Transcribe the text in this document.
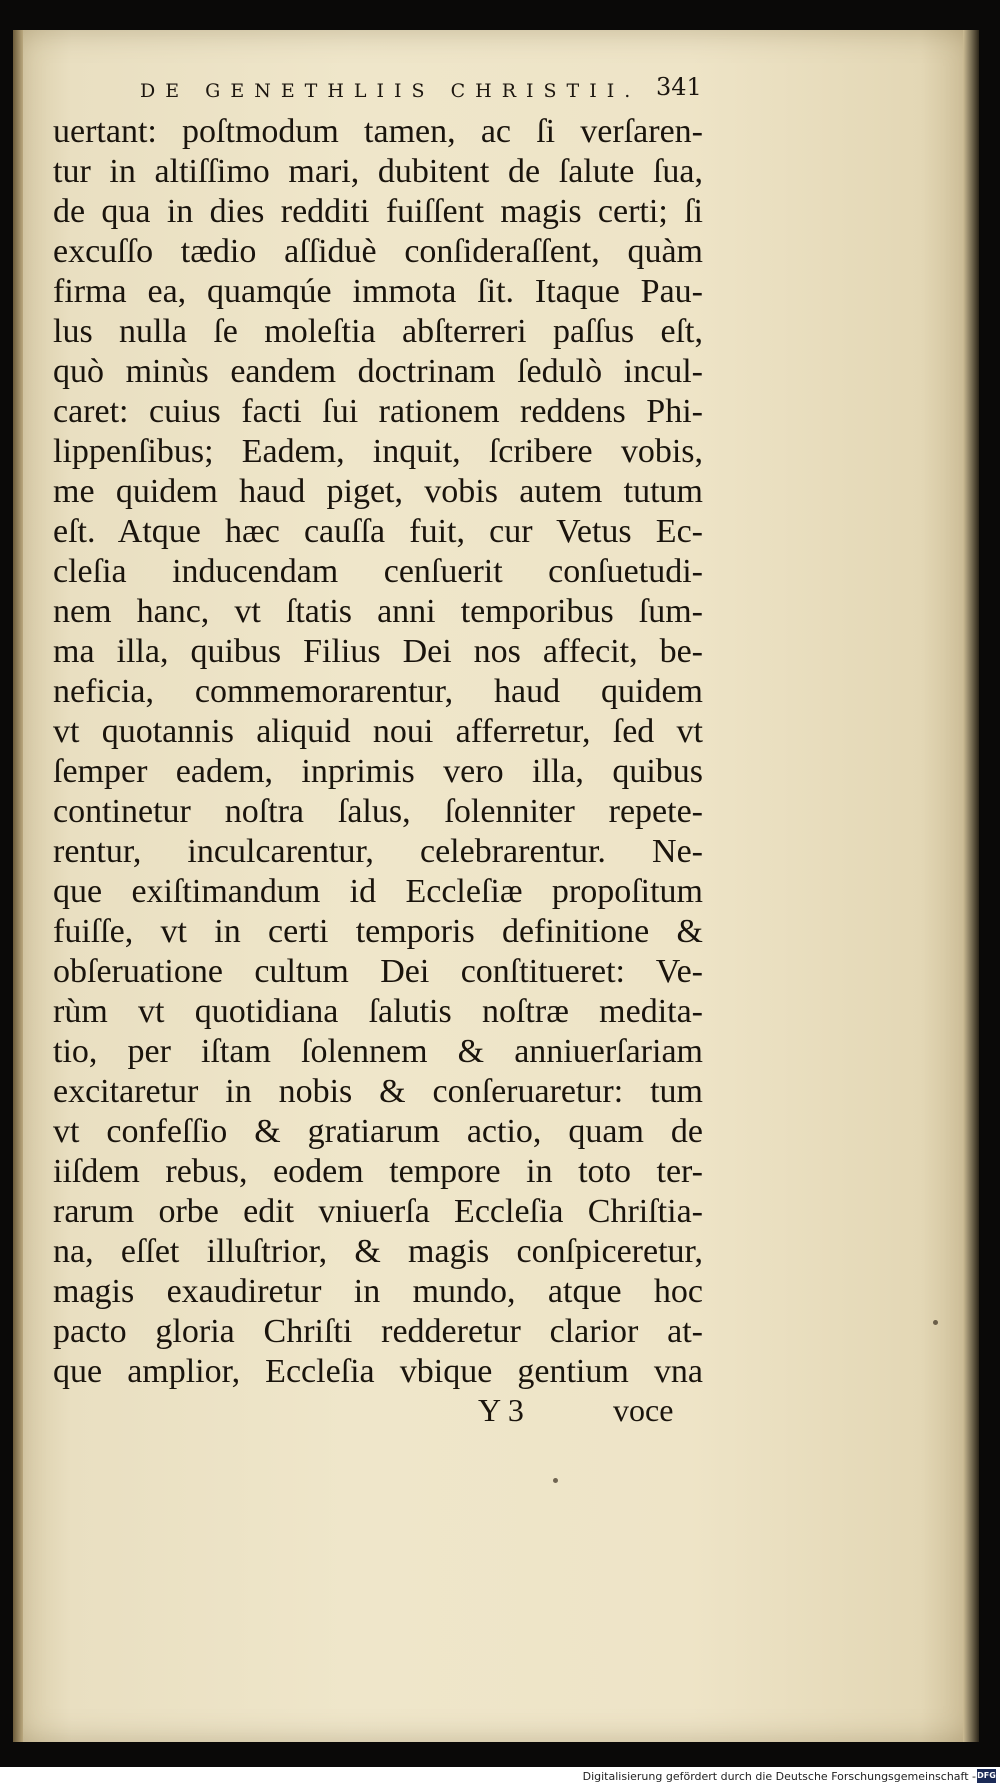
DE GENETHLIIS CHRISTII. 341
uertant: poſtmodum tamen, ac ſi verſaren-
tur in altiſſimo mari, dubitent de ſalute ſua,
de qua in dies redditi fuiſſent magis certi; ſi
excuſſo tædio aſſiduè conſideraſſent, quàm
firma ea, quamqúe immota ſit. Itaque Pau-
lus nulla ſe moleſtia abſterreri paſſus eſt,
quò minùs eandem doctrinam ſedulò incul-
caret: cuius facti ſui rationem reddens Phi-
lippenſibus; Eadem, inquit, ſcribere vobis,
me quidem haud piget, vobis autem tutum
eſt. Atque hæc cauſſa fuit, cur Vetus Ec-
cleſia inducendam cenſuerit conſuetudi-
nem hanc, vt ſtatis anni temporibus ſum-
ma illa, quibus Filius Dei nos affecit, be-
neficia, commemorarentur, haud quidem
vt quotannis aliquid noui afferretur, ſed vt
ſemper eadem, inprimis vero illa, quibus
continetur noſtra ſalus, ſolenniter repete-
rentur, inculcarentur, celebrarentur. Ne-
que exiſtimandum id Eccleſiæ propoſitum
fuiſſe, vt in certi temporis definitione &
obſeruatione cultum Dei conſtitueret: Ve-
rùm vt quotidiana ſalutis noſtræ medita-
tio, per iſtam ſolennem & anniuerſariam
excitaretur in nobis & conſeruaretur: tum
vt confeſſio & gratiarum actio, quam de
iiſdem rebus, eodem tempore in toto ter-
rarum orbe edit vniuerſa Eccleſia Chriſtia-
na, eſſet illuſtrior, & magis conſpiceretur,
magis exaudiretur in mundo, atque hoc
pacto gloria Chriſti redderetur clarior at-
que amplior, Eccleſia vbique gentium vna
Y 3	voce
Digitalisierung gefördert durch die Deutsche Forschungsgemeinschaft - DFG
